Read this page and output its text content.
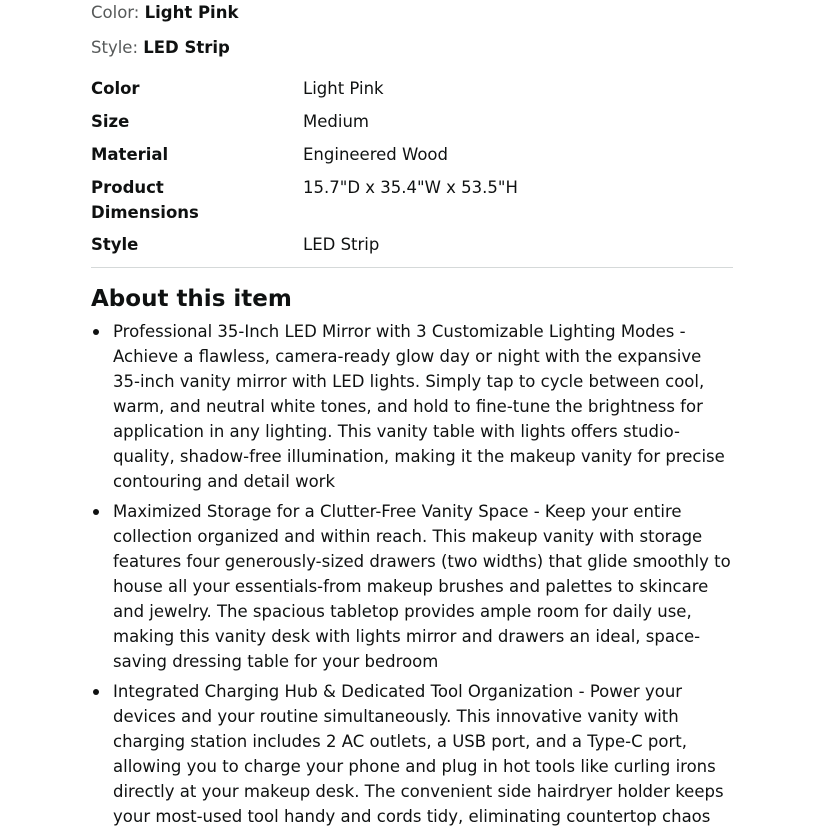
Color: Light Pink
Style: LED Strip
Color	Light Pink
Size	Medium
Material	Engineered Wood
Product Dimensions	15.7"D x 35.4"W x 53.5"H
Style	LED Strip
About this item
Professional 35-Inch LED Mirror with 3 Customizable Lighting Modes - Achieve a flawless, camera-ready glow day or night with the expansive 35-inch vanity mirror with LED lights. Simply tap to cycle between cool, warm, and neutral white tones, and hold to fine-tune the brightness for application in any lighting. This vanity table with lights offers studio-quality, shadow-free illumination, making it the makeup vanity for precise contouring and detail work
Maximized Storage for a Clutter-Free Vanity Space - Keep your entire collection organized and within reach. This makeup vanity with storage features four generously-sized drawers (two widths) that glide smoothly to house all your essentials-from makeup brushes and palettes to skincare and jewelry. The spacious tabletop provides ample room for daily use, making this vanity desk with lights mirror and drawers an ideal, space-saving dressing table for your bedroom
Integrated Charging Hub & Dedicated Tool Organization - Power your devices and your routine simultaneously. This innovative vanity with charging station includes 2 AC outlets, a USB port, and a Type-C port, allowing you to charge your phone and plug in hot tools like curling irons directly at your makeup desk. The convenient side hairdryer holder keeps your most-used tool handy and cords tidy, eliminating countertop chaos
